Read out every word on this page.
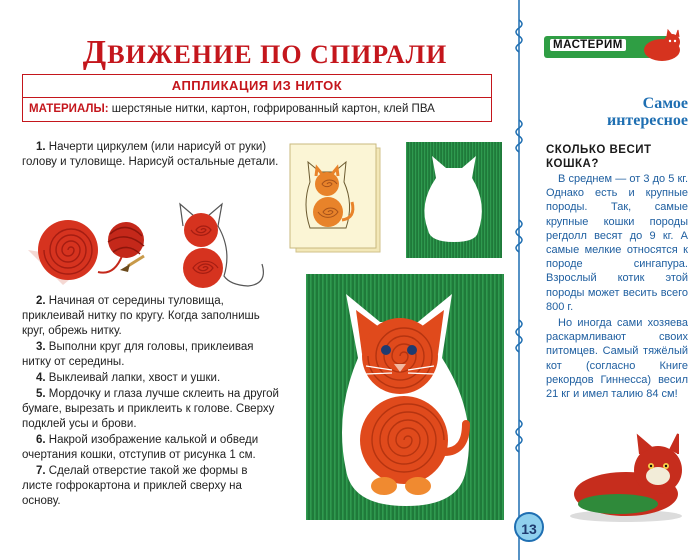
ДВИЖЕНИЕ ПО СПИРАЛИ
АППЛИКАЦИЯ ИЗ НИТОК
МАТЕРИАЛЫ: шерстяные нитки, картон, гофрированный картон, клей ПВА

1. Начерти циркулем (или нарисуй от руки) голову и туловище. Нарисуй остальные детали.

2. Начиная от середины туловища, приклеивай нитку по кругу. Когда заполнишь круг, обрежь нитку.

3. Выполни круг для головы, приклеивая нитку от середины.

4. Выклеивай лапки, хвост и ушки.

5. Мордочку и глаза лучше склеить на другой бумаге, вырезать и приклеить к голове. Сверху подклей усы и брови.

6. Накрой изображение калькой и обведи очертания кошки, отступив от рисунка 1 см.

7. Сделай отверстие такой же формы в листе гофрокартона и приклей сверху на основу.

МАСТЕРИМ
Самое
интересное
СКОЛЬКО ВЕСИТ
КОШКА?

В среднем — от 3 до 5 кг. Однако есть и крупные породы. Так, самые крупные кошки породы регдолл весят до 9 кг. А самые мелкие относятся к породе сингапура. Взрослый котик этой породы может весить всего 800 г.

Но иногда сами хозяева раскармливают своих питомцев. Самый тяжёлый кот (согласно Книге рекордов Гиннесса) весил 21 кг и имел талию 84 см!

13
